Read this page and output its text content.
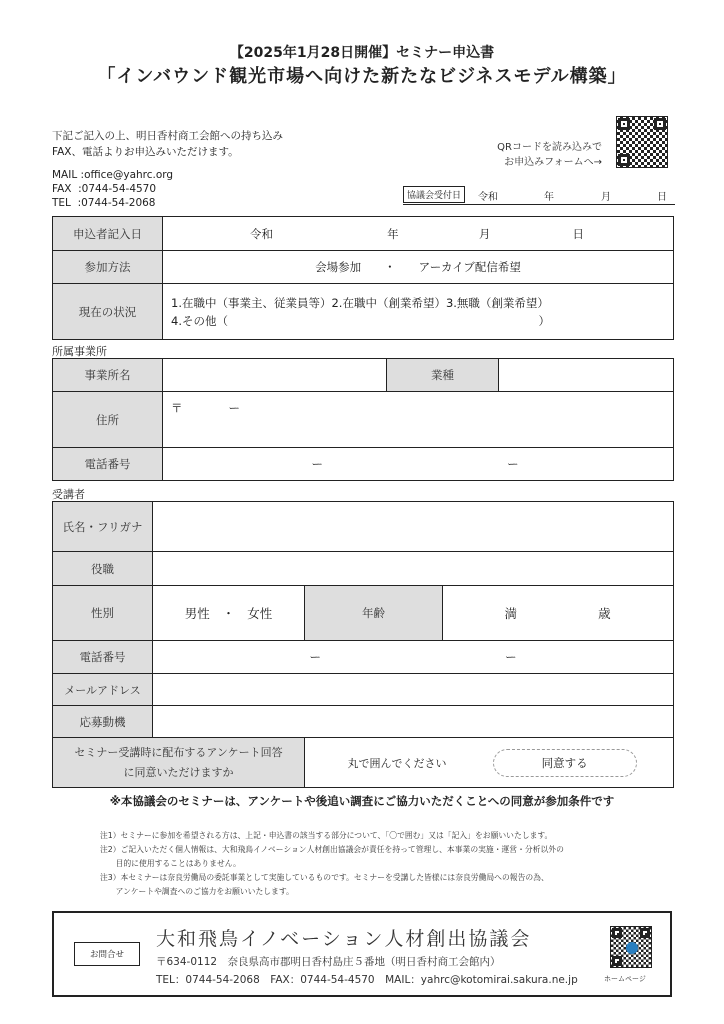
【2025年1月28日開催】セミナー申込書
「インバウンド観光市場へ向けた新たなビジネスモデル構築」
下記ご記入の上、明日香村商工会館への持ち込み
FAX、電話よりお申込みいただけます。
MAIL :office@yahrc.org
FAX  :0744-54-4570
TEL  :0744-54-2068
QRコードを読み込みで
お申込みフォームへ→
協議会受付日	令和	年	月	日
申込者記入日	令和 年 月 日
参加方法	会場参加　　・　　アーカイブ配信希望
現在の状況	1.在職中（事業主、従業員等）2.在職中（創業希望）3.無職（創業希望）
4.その他（　　　　　　　　　　　　　　　　　　　　　　　　　　　）
所属事業所
事業所名		業種	
住所	〒　　　　ー		
電話番号	ー ー		
受講者
氏名・フリガナ			
役職			
性別	男性　・　女性	年齢	満 歳
電話番号	ー ー		
メールアドレス			
応募動機			

セミナー受講時に配布するアンケート回答
に同意いただけますか		丸で囲んでください 同意する	
※本協議会のセミナーは、アンケートや後追い調査にご協力いただくことへの同意が参加条件です
注1）セミナーに参加を希望される方は、上記・申込書の該当する部分について、「〇で囲む」又は「記入」をお願いいたします。
注2）ご記入いただく個人情報は、大和飛鳥イノベーション人材創出協議会が責任を持って管理し、本事業の実施・運営・分析以外の
　　目的に使用することはありません。
注3）本セミナーは奈良労働局の委託事業として実施しているものです。セミナーを受講した皆様には奈良労働局への報告の為、
　　アンケートや調査へのご協力をお願いいたします。
お問合せ
大和飛鳥イノベーション人材創出協議会
〒634-0112　奈良県高市郡明日香村島庄５番地（明日香村商工会館内）
TEL：0744-54-2068　FAX：0744-54-4570　MAIL：yahrc@kotomirai.sakura.ne.jp	ホームページ
